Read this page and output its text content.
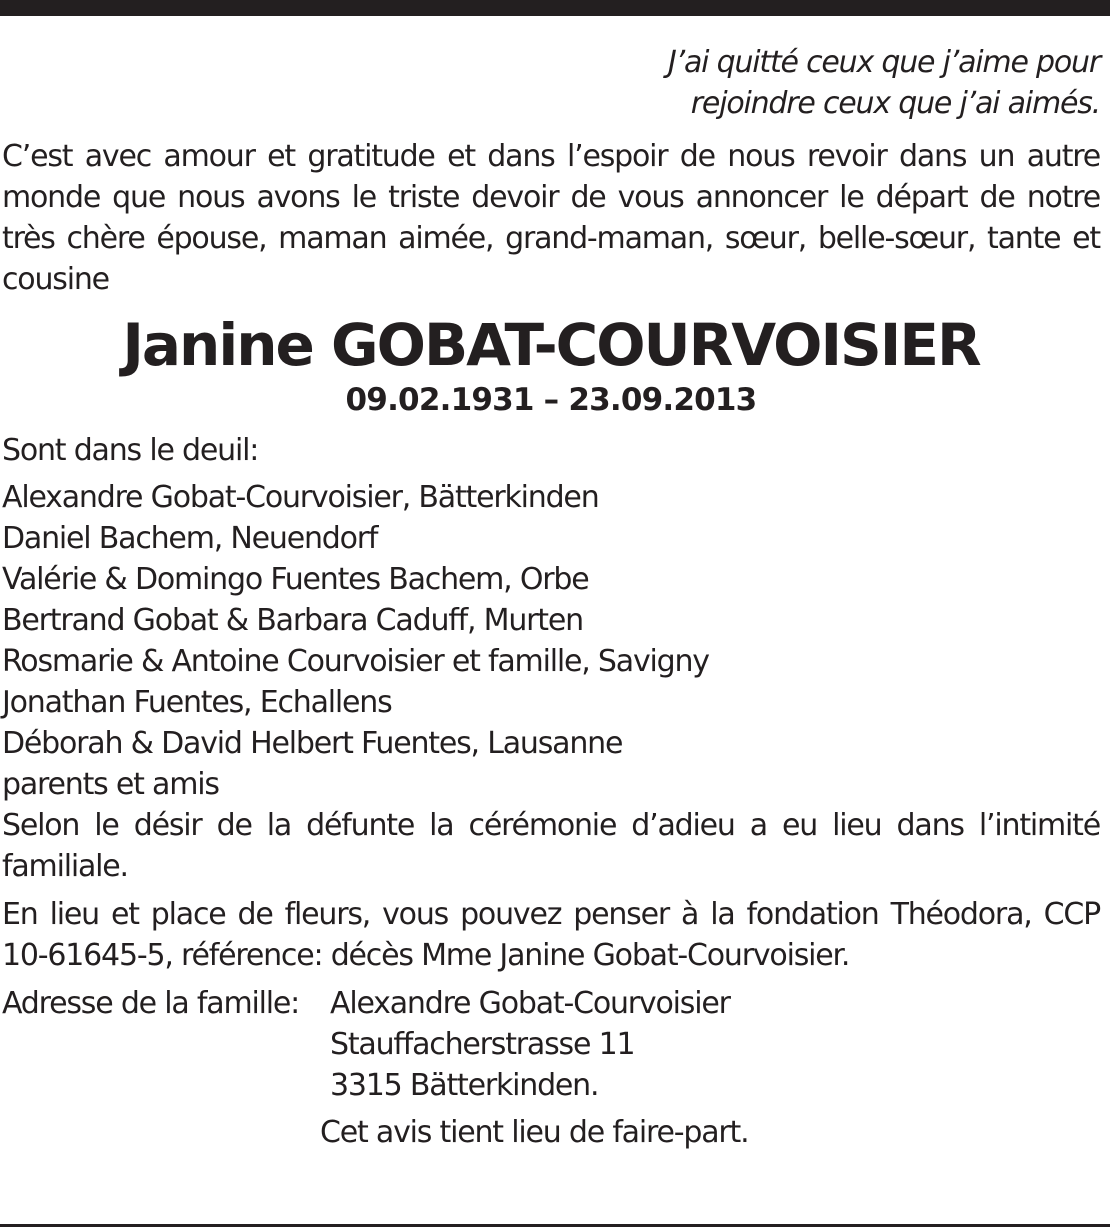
J’ai quitté ceux que j’aime pour
rejoindre ceux que j’ai aimés.

C’est avec amour et gratitude et dans l’espoir de nous revoir dans un autre monde que nous avons le triste devoir de vous annoncer le départ de notre très chère épouse, maman aimée, grand-maman, sœur, belle-sœur, tante et cousine

Janine GOBAT-COURVOISIER
09.02.1931 – 23.09.2013
Sont dans le deuil:
Alexandre Gobat-Courvoisier, Bätterkinden
Daniel Bachem, Neuendorf
Valérie & Domingo Fuentes Bachem, Orbe
Bertrand Gobat & Barbara Caduff, Murten
Rosmarie & Antoine Courvoisier et famille, Savigny
Jonathan Fuentes, Echallens
Déborah & David Helbert Fuentes, Lausanne
parents et amis

Selon le désir de la défunte la cérémonie d’adieu a eu lieu dans l’intimité familiale.

En lieu et place de fleurs, vous pouvez penser à la fondation Théodora, CCP 10-61645-5, référence: décès Mme Janine Gobat-Courvoisier.

Adresse de la famille:	Alexandre Gobat-Courvoisier
Stauffacherstrasse 11
3315 Bätterkinden.
Cet avis tient lieu de faire-part.
